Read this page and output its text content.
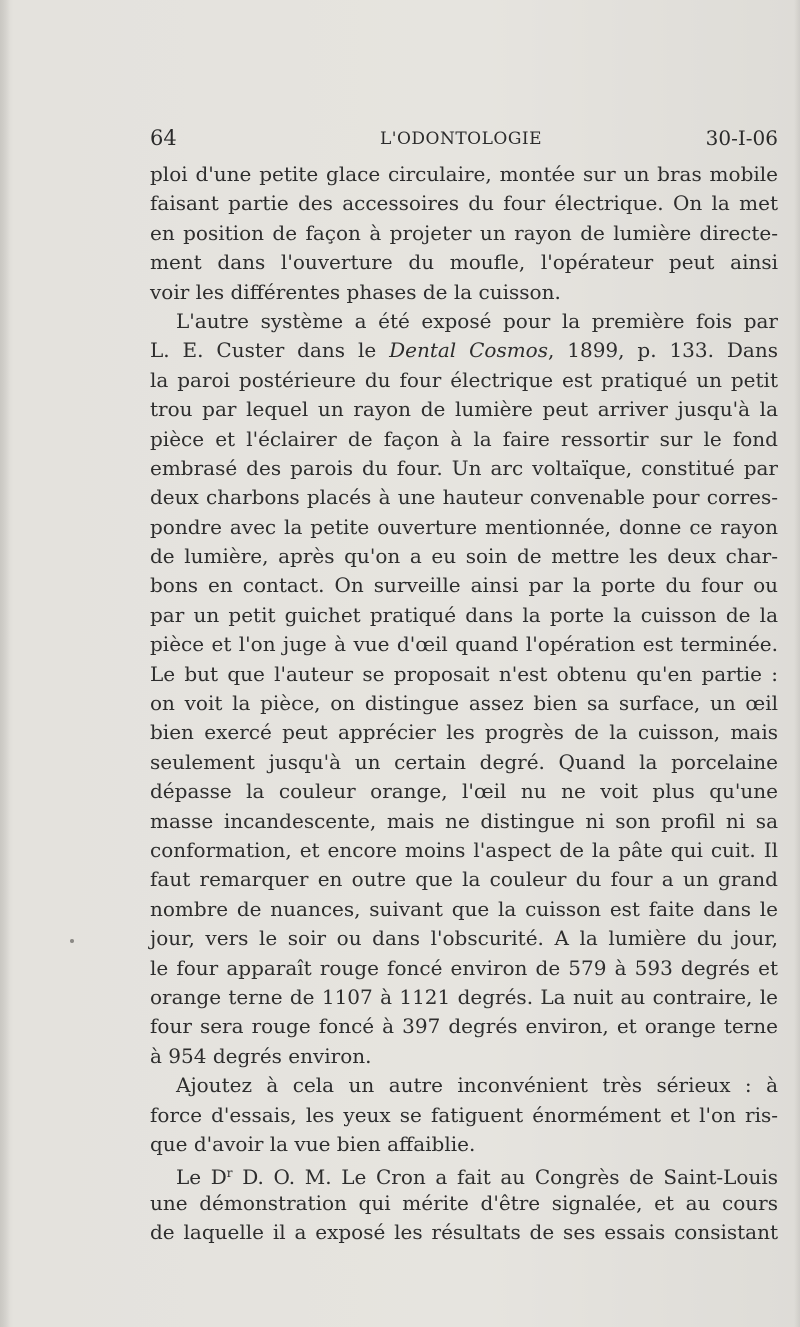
64	L'ODONTOLOGIE	30-I-06
ploi d'une petite glace circulaire, montée sur un bras mobile
faisant partie des accessoires du four électrique. On la met
en position de façon à projeter un rayon de lumière directe-
ment dans l'ouverture du moufle, l'opérateur peut ainsi
voir les différentes phases de la cuisson.
L'autre système a été exposé pour la première fois par
L. E. Custer dans le Dental Cosmos, 1899, p. 133. Dans
la paroi postérieure du four électrique est pratiqué un petit
trou par lequel un rayon de lumière peut arriver jusqu'à la
pièce et l'éclairer de façon à la faire ressortir sur le fond
embrasé des parois du four. Un arc voltaïque, constitué par
deux charbons placés à une hauteur convenable pour corres-
pondre avec la petite ouverture mentionnée, donne ce rayon
de lumière, après qu'on a eu soin de mettre les deux char-
bons en contact. On surveille ainsi par la porte du four ou
par un petit guichet pratiqué dans la porte la cuisson de la
pièce et l'on juge à vue d'œil quand l'opération est terminée.
Le but que l'auteur se proposait n'est obtenu qu'en partie :
on voit la pièce, on distingue assez bien sa surface, un œil
bien exercé peut apprécier les progrès de la cuisson, mais
seulement jusqu'à un certain degré. Quand la porcelaine
dépasse la couleur orange, l'œil nu ne voit plus qu'une
masse incandescente, mais ne distingue ni son profil ni sa
conformation, et encore moins l'aspect de la pâte qui cuit. Il
faut remarquer en outre que la couleur du four a un grand
nombre de nuances, suivant que la cuisson est faite dans le
jour, vers le soir ou dans l'obscurité. A la lumière du jour,
le four apparaît rouge foncé environ de 579 à 593 degrés et
orange terne de 1107 à 1121 degrés. La nuit au contraire, le
four sera rouge foncé à 397 degrés environ, et orange terne
à 954 degrés environ.
Ajoutez à cela un autre inconvénient très sérieux : à
force d'essais, les yeux se fatiguent énormément et l'on ris-
que d'avoir la vue bien affaiblie.
Le $D^r$ D. O. M. Le Cron a fait au Congrès de Saint-Louis
une démonstration qui mérite d'être signalée, et au cours
de laquelle il a exposé les résultats de ses essais consistant
